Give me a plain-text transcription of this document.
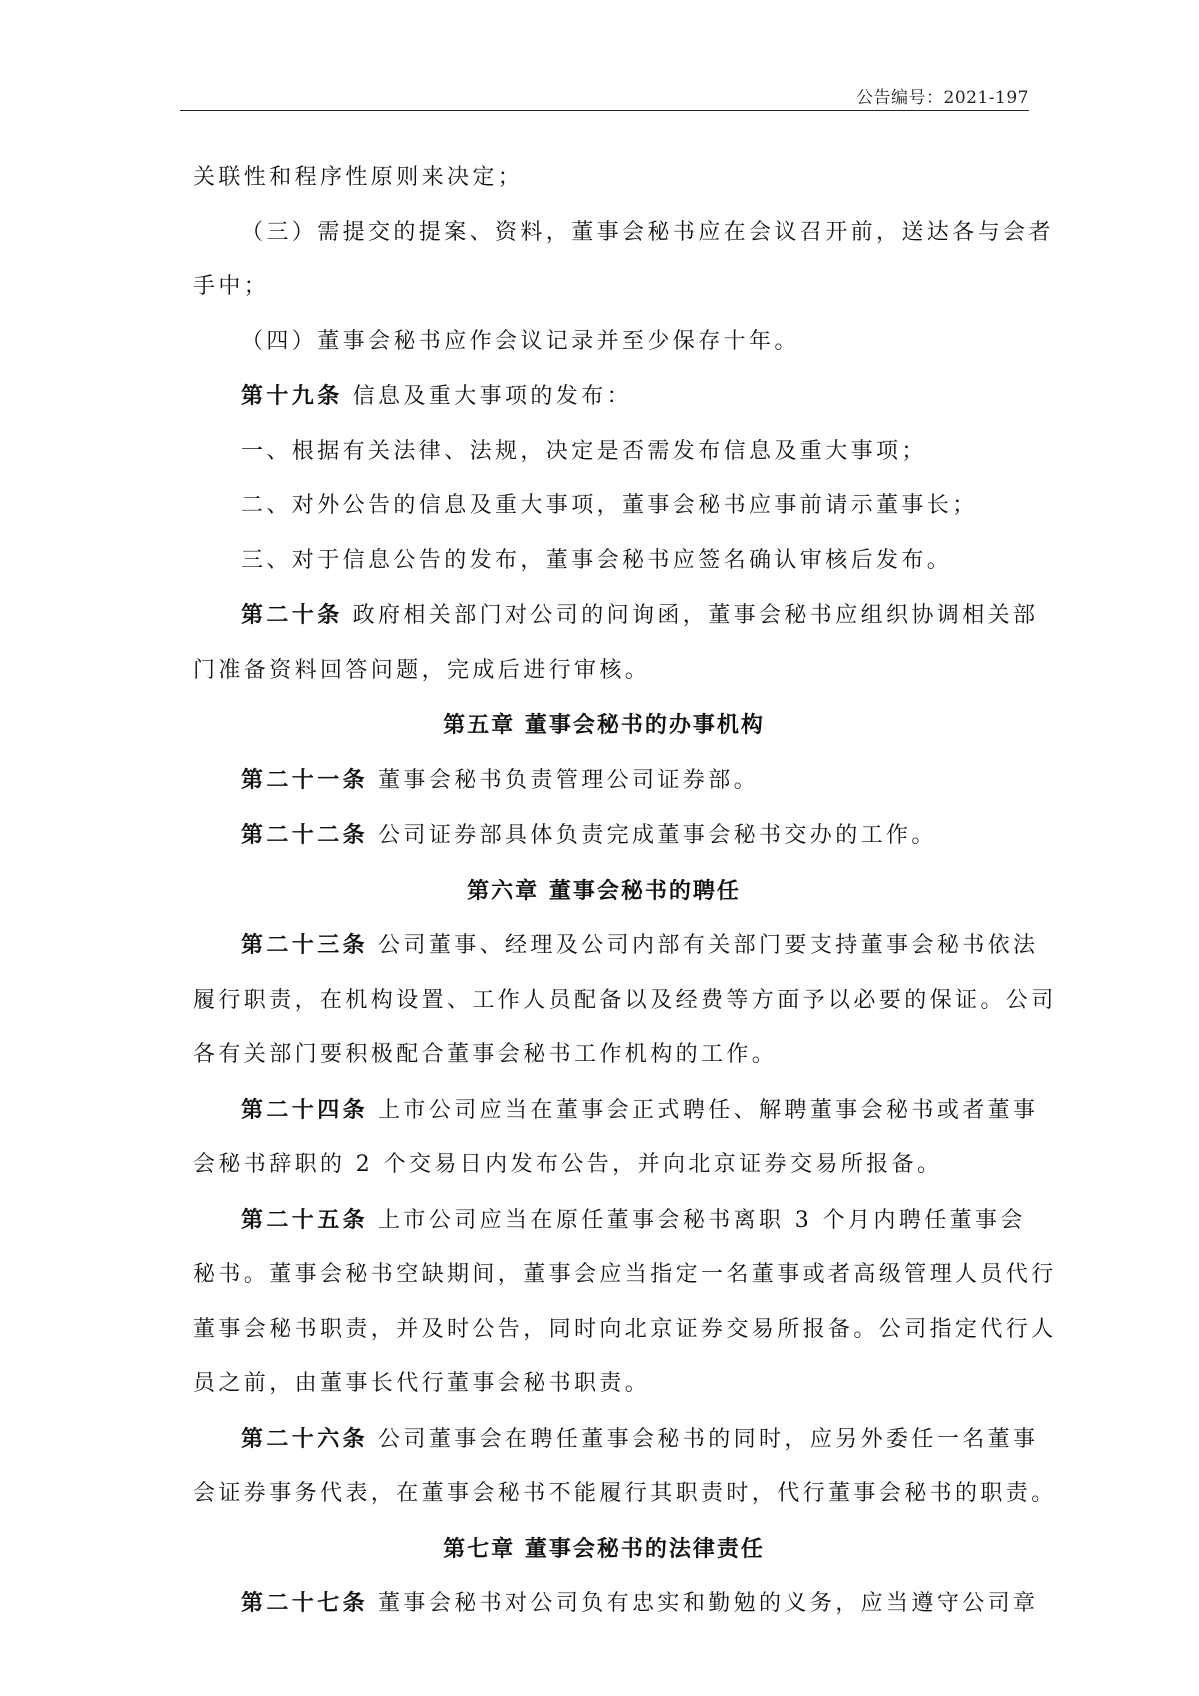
公告编号：2021-197

关联性和程序性原则来决定；

（三）需提交的提案、资料，董事会秘书应在会议召开前，送达各与会者

手中；

（四）董事会秘书应作会议记录并至少保存十年。

第十九条 信息及重大事项的发布：

一、根据有关法律、法规，决定是否需发布信息及重大事项；

二、对外公告的信息及重大事项，董事会秘书应事前请示董事长；

三、对于信息公告的发布，董事会秘书应签名确认审核后发布。

第二十条 政府相关部门对公司的问询函，董事会秘书应组织协调相关部

门准备资料回答问题，完成后进行审核。

第五章 董事会秘书的办事机构

第二十一条 董事会秘书负责管理公司证券部。

第二十二条 公司证券部具体负责完成董事会秘书交办的工作。

第六章 董事会秘书的聘任

第二十三条 公司董事、经理及公司内部有关部门要支持董事会秘书依法

履行职责，在机构设置、工作人员配备以及经费等方面予以必要的保证。公司

各有关部门要积极配合董事会秘书工作机构的工作。

第二十四条 上市公司应当在董事会正式聘任、解聘董事会秘书或者董事

会秘书辞职的 2 个交易日内发布公告，并向北京证券交易所报备。

第二十五条 上市公司应当在原任董事会秘书离职 3 个月内聘任董事会

秘书。董事会秘书空缺期间，董事会应当指定一名董事或者高级管理人员代行

董事会秘书职责，并及时公告，同时向北京证券交易所报备。公司指定代行人

员之前，由董事长代行董事会秘书职责。

第二十六条 公司董事会在聘任董事会秘书的同时，应另外委任一名董事

会证券事务代表，在董事会秘书不能履行其职责时，代行董事会秘书的职责。

第七章 董事会秘书的法律责任

第二十七条 董事会秘书对公司负有忠实和勤勉的义务，应当遵守公司章
